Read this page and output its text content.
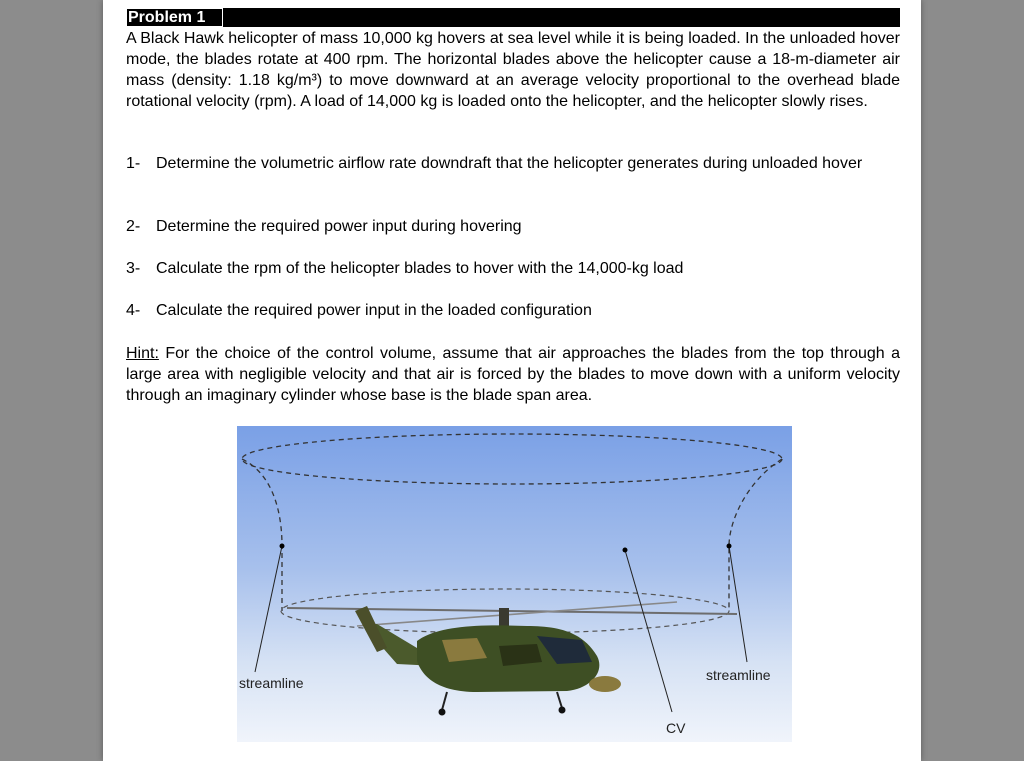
Problem 1
A Black Hawk helicopter of mass 10,000 kg hovers at sea level while it is being loaded. In the unloaded hover mode, the blades rotate at 400 rpm. The horizontal blades above the helicopter cause a 18-m-diameter air mass (density: 1.18 kg/m³) to move downward at an average velocity proportional to the overhead blade rotational velocity (rpm). A load of 14,000 kg is loaded onto the helicopter, and the helicopter slowly rises.
1- Determine the volumetric airflow rate downdraft that the helicopter generates during unloaded hover
2- Determine the required power input during hovering
3- Calculate the rpm of the helicopter blades to hover with the 14,000-kg load
4- Calculate the required power input in the loaded configuration
Hint: For the choice of the control volume, assume that air approaches the blades from the top through a large area with negligible velocity and that air is forced by the blades to move down with a uniform velocity through an imaginary cylinder whose base is the blade span area.
streamline	streamline
CV
